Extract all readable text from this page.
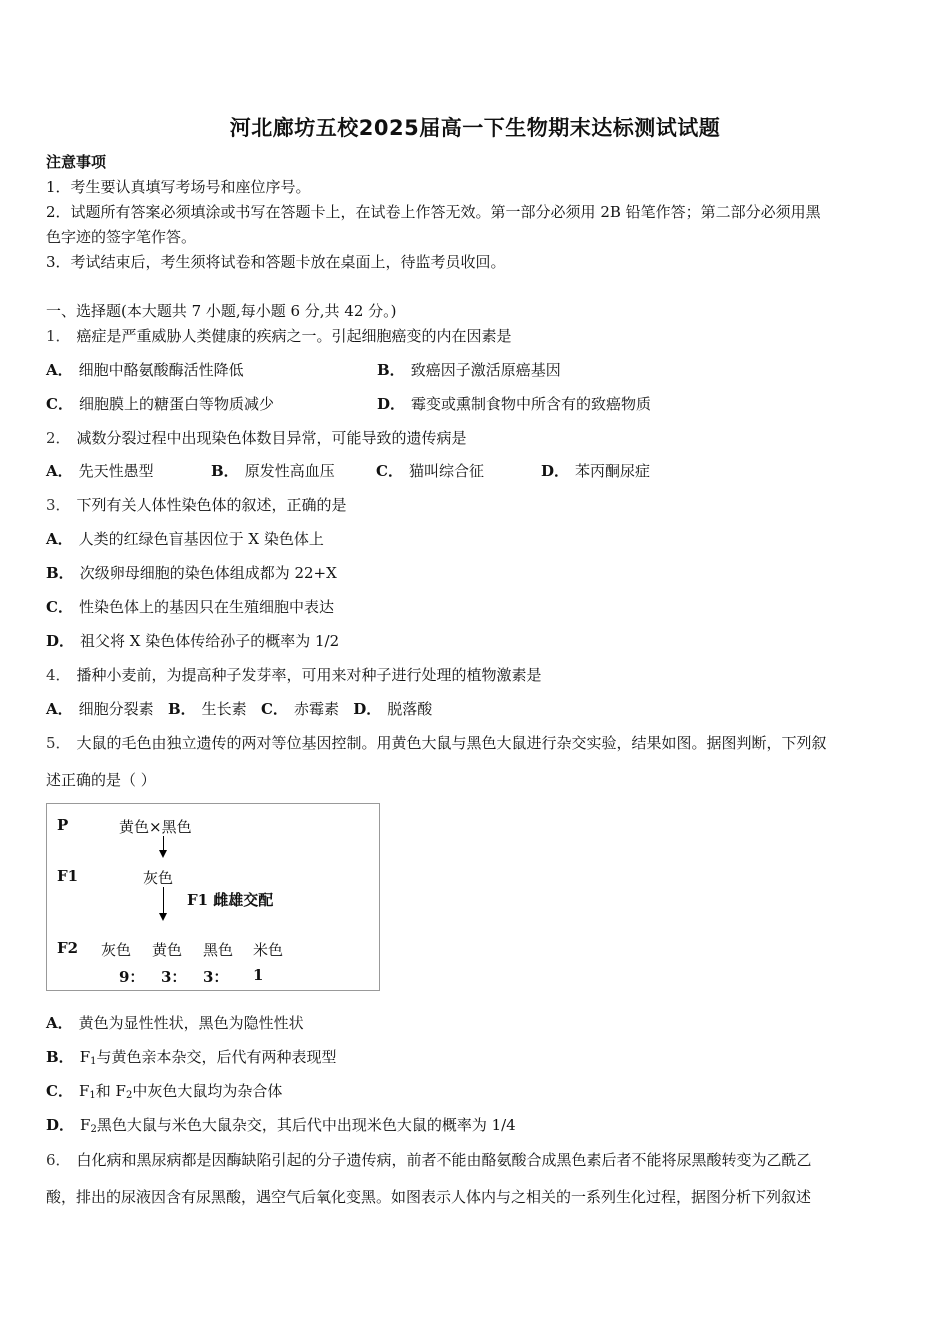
河北廊坊五校2025届高一下生物期末达标测试试题
注意事项
1．考生要认真填写考场号和座位序号。
2．试题所有答案必须填涂或书写在答题卡上，在试卷上作答无效。第一部分必须用 2B 铅笔作答；第二部分必须用黑
色字迹的签字笔作答。
3．考试结束后，考生须将试卷和答题卡放在桌面上，待监考员收回。
一、选择题(本大题共 7 小题,每小题 6 分,共 42 分。)
1． 癌症是严重威胁人类健康的疾病之一。引起细胞癌变的内在因素是
A． 细胞中酪氨酸酶活性降低	B． 致癌因子激活原癌基因
C． 细胞膜上的糖蛋白等物质减少	D． 霉变或熏制食物中所含有的致癌物质
2． 减数分裂过程中出现染色体数目异常，可能导致的遗传病是
A． 先天性愚型	B． 原发性高血压	C． 猫叫综合征	D． 苯丙酮尿症
3． 下列有关人体性染色体的叙述，正确的是
A． 人类的红绿色盲基因位于 X 染色体上
B． 次级卵母细胞的染色体组成都为 22+X
C． 性染色体上的基因只在生殖细胞中表达
D． 祖父将 X 染色体传给孙子的概率为 1/2
4． 播种小麦前，为提高种子发芽率，可用来对种子进行处理的植物激素是
A． 细胞分裂素 B． 生长素 C． 赤霉素 D． 脱落酸
5． 大鼠的毛色由独立遗传的两对等位基因控制。用黄色大鼠与黑色大鼠进行杂交实验，结果如图。据图判断，下列叙
述正确的是（ ）
P	黄色×黑色
F1	灰色
F1 雌雄交配
F2 灰色 黄色 黑色 米色
9： 3： 3： 1
A． 黄色为显性性状，黑色为隐性性状
B． $F_1$与黄色亲本杂交，后代有两种表现型
C． $F_1$和 $F_2$中灰色大鼠均为杂合体
D． $F_2$黑色大鼠与米色大鼠杂交，其后代中出现米色大鼠的概率为 1/4
6． 白化病和黑尿病都是因酶缺陷引起的分子遗传病，前者不能由酪氨酸合成黑色素后者不能将尿黑酸转变为乙酰乙
酸，排出的尿液因含有尿黑酸，遇空气后氧化变黑。如图表示人体内与之相关的一系列生化过程，据图分析下列叙述
